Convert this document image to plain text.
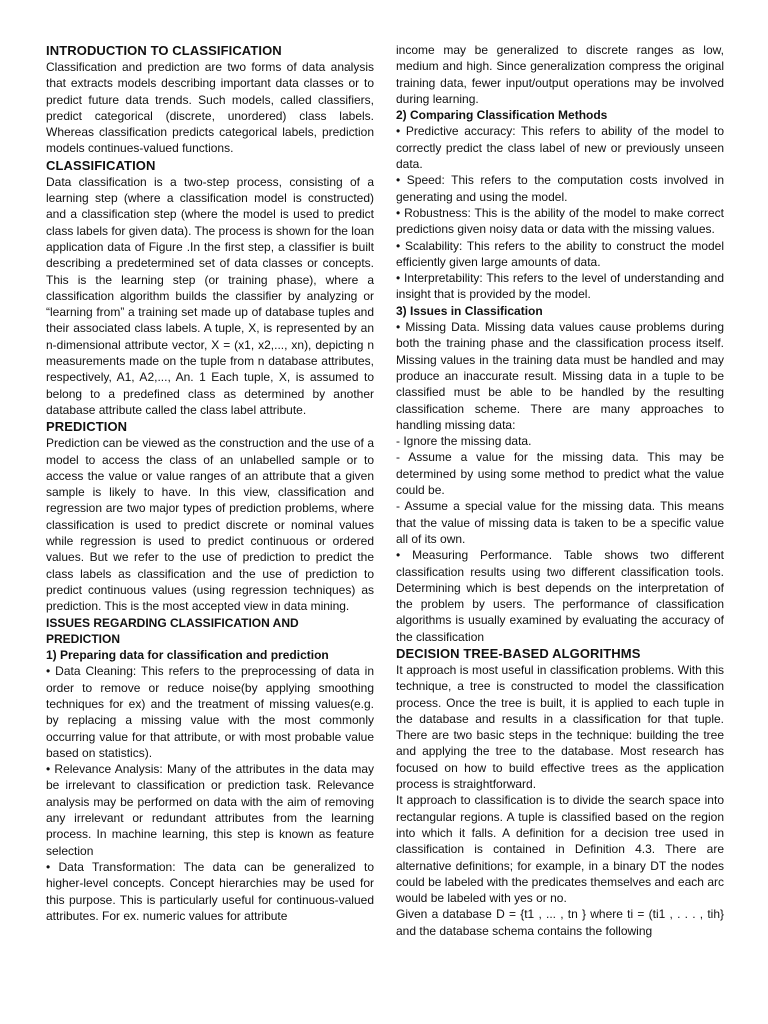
INTRODUCTION TO CLASSIFICATION

Classification and prediction are two forms of data analysis that extracts models describing important data classes or to predict future data trends. Such models, called classifiers, predict categorical (discrete, unordered) class labels. Whereas classification predicts categorical labels, prediction models continues-valued functions.

CLASSIFICATION

Data classification is a two-step process, consisting of a learning step (where a classification model is constructed) and a classification step (where the model is used to predict class labels for given data). The process is shown for the loan application data of Figure .In the first step, a classifier is built describing a predetermined set of data classes or concepts. This is the learning step (or training phase), where a classification algorithm builds the classifier by analyzing or “learning from” a training set made up of database tuples and their associated class labels. A tuple, X, is represented by an n-dimensional attribute vector, X = (x1, x2,..., xn), depicting n measurements made on the tuple from n database attributes, respectively, A1, A2,..., An. 1 Each tuple, X, is assumed to belong to a predefined class as determined by another database attribute called the class label attribute.

PREDICTION

Prediction can be viewed as the construction and the use of a model to access the class of an unlabelled sample or to access the value or value ranges of an attribute that a given sample is likely to have. In this view, classification and regression are two major types of prediction problems, where classification is used to predict discrete or nominal values while regression is used to predict continuous or ordered values. But we refer to the use of prediction to predict the class labels as classification and the use of prediction to predict continuous values (using regression techniques) as prediction. This is the most accepted view in data mining.

ISSUES REGARDING CLASSIFICATION AND PREDICTION
1) Preparing data for classification and prediction

• Data Cleaning: This refers to the preprocessing of data in order to remove or reduce noise(by applying smoothing techniques for ex) and the treatment of missing values(e.g. by replacing a missing value with the most commonly occurring value for that attribute, or with most probable value based on statistics).

• Relevance Analysis: Many of the attributes in the data may be irrelevant to classification or prediction task. Relevance analysis may be performed on data with the aim of removing any irrelevant or redundant attributes from the learning process. In machine learning, this step is known as feature selection

• Data Transformation: The data can be generalized to higher-level concepts. Concept hierarchies may be used for this purpose. This is particularly useful for continuous-valued attributes. For ex. numeric values for attribute

income may be generalized to discrete ranges as low, medium and high. Since generalization compress the original training data, fewer input/output operations may be involved during learning.

2) Comparing Classification Methods

• Predictive accuracy: This refers to ability of the model to correctly predict the class label of new or previously unseen data.

• Speed: This refers to the computation costs involved in generating and using the model.

• Robustness: This is the ability of the model to make correct predictions given noisy data or data with the missing values.

• Scalability: This refers to the ability to construct the model efficiently given large amounts of data.

• Interpretability: This refers to the level of understanding and insight that is provided by the model.

3) Issues in Classification

• Missing Data. Missing data values cause problems during both the training phase and the classification process itself. Missing values in the training data must be handled and may produce an inaccurate result. Missing data in a tuple to be classified must be able to be handled by the resulting classification scheme. There are many approaches to handling missing data:

- Ignore the missing data.

- Assume a value for the missing data. This may be determined by using some method to predict what the value could be.

- Assume a special value for the missing data. This means that the value of missing data is taken to be a specific value all of its own.

• Measuring Performance. Table shows two different classification results using two different classification tools. Determining which is best depends on the interpretation of the problem by users. The performance of classification algorithms is usually examined by evaluating the accuracy of the classification

DECISION TREE-BASED ALGORITHMS

It approach is most useful in classification problems. With this technique, a tree is constructed to model the classification process. Once the tree is built, it is applied to each tuple in the database and results in a classification for that tuple. There are two basic steps in the technique: building the tree and applying the tree to the database. Most research has focused on how to build effective trees as the application process is straightforward.

It approach to classification is to divide the search space into rectangular regions. A tuple is classified based on the region into which it falls. A definition for a decision tree used in classification is contained in Definition 4.3. There are alternative definitions; for example, in a binary DT the nodes could be labeled with the predicates themselves and each arc would be labeled with yes or no.

Given a database D = {t1 , ... , tn } where ti = (ti1 , . . . , tih} and the database schema contains the following
